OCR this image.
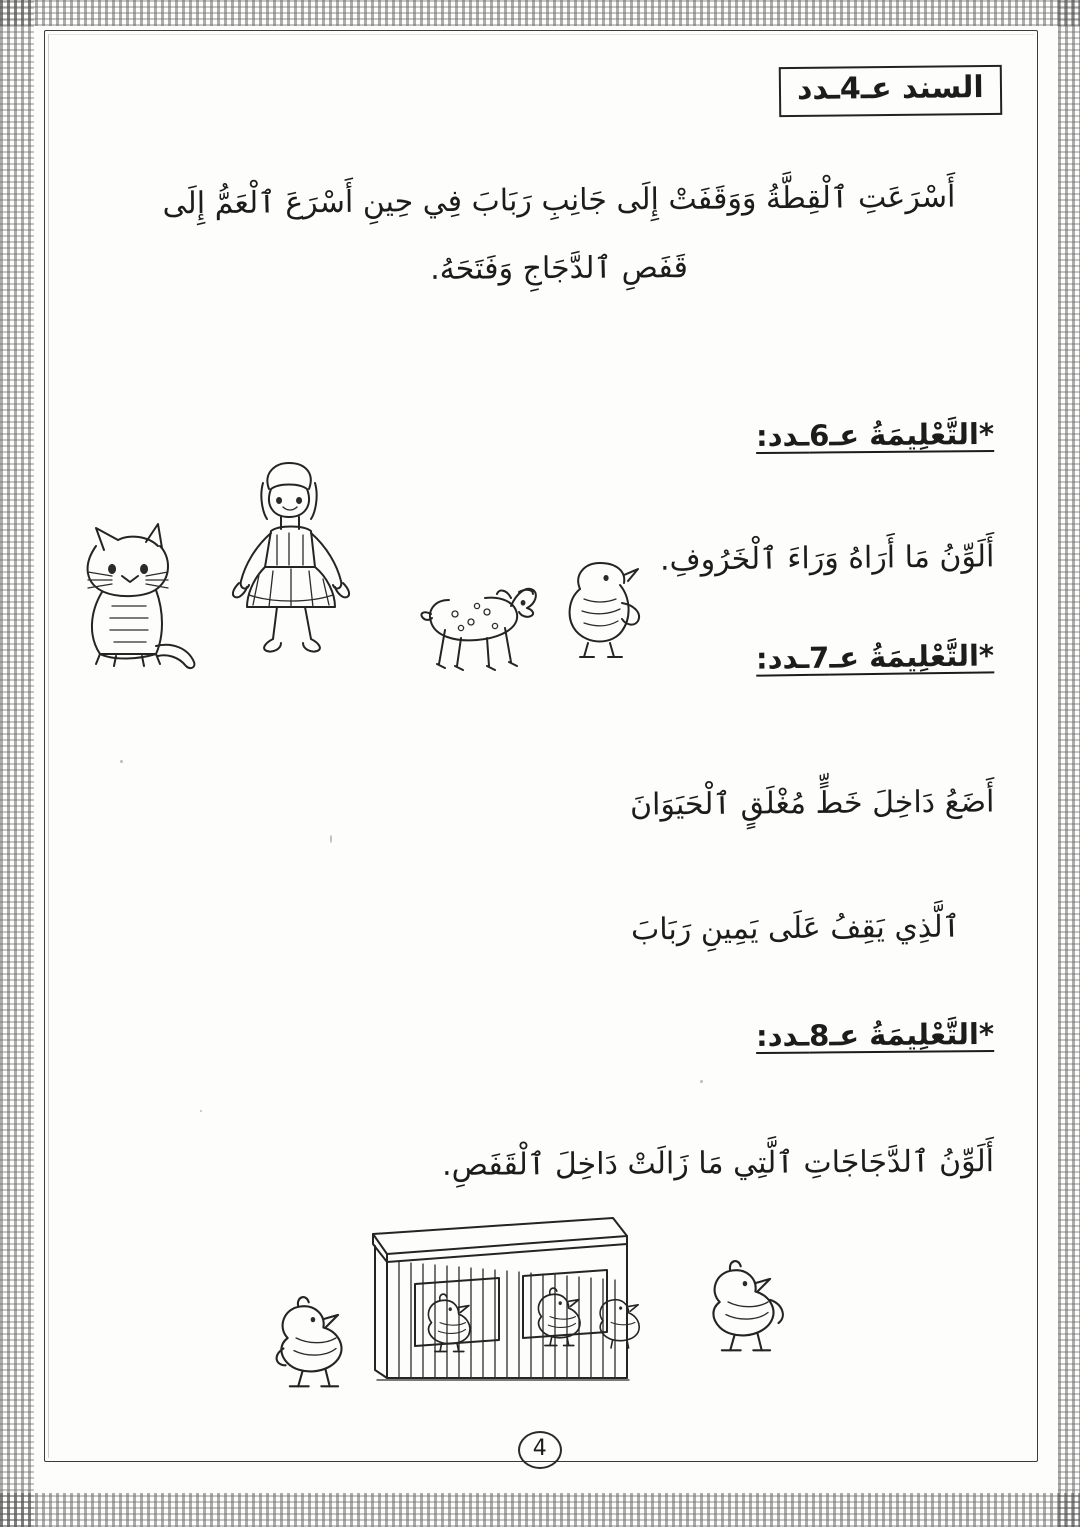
السند عـ4ـدد
أَسْرَعَتِ ٱلْقِطَّةُ وَوَقَفَتْ إِلَى جَانِبِ رَبَابَ فِي حِينِ أَسْرَعَ ٱلْعَمُّ إِلَى
قَفَصِ ٱلدَّجَاجِ وَفَتَحَهُ.
*التَّعْلِيمَةُ عـ6ـدد:
أَلَوِّنُ مَا أَرَاهُ وَرَاءَ ٱلْخَرُوفِ.
*التَّعْلِيمَةُ عـ7ـدد:
أَضَعُ دَاخِلَ خَطٍّ مُغْلَقٍ ٱلْحَيَوَانَ
ٱلَّذِي يَقِفُ عَلَى يَمِينِ رَبَابَ
*التَّعْلِيمَةُ عـ8ـدد:
أَلَوِّنُ ٱلدَّجَاجَاتِ ٱلَّتِي مَا زَالَتْ دَاخِلَ ٱلْقَفَصِ.
4
